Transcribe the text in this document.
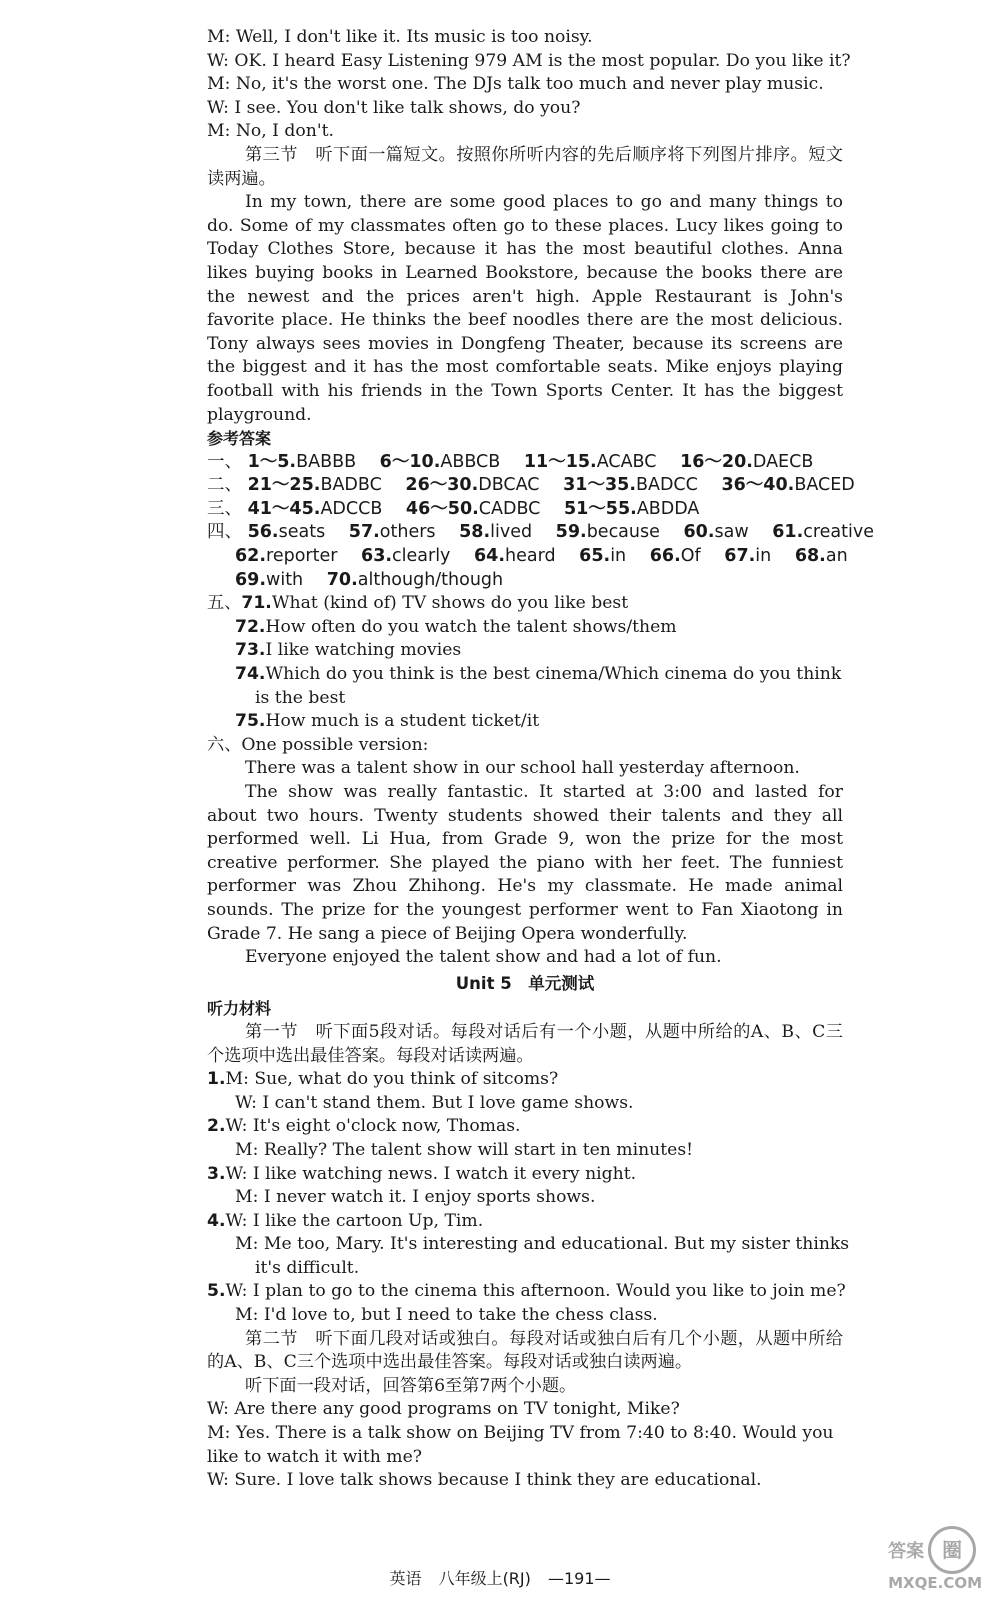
M: Well, I don't like it. Its music is too noisy.
W: OK. I heard Easy Listening 979 AM is the most popular. Do you like it?
M: No, it's the worst one. The DJs talk too much and never play music.
W: I see. You don't like talk shows, do you?
M: No, I don't.
第三节　听下面一篇短文。按照你所听内容的先后顺序将下列图片排序。短文读两遍。
In my town, there are some good places to go and many things to do. Some of my classmates often go to these places. Lucy likes going to Today Clothes Store, because it has the most beautiful clothes. Anna likes buying books in Learned Bookstore, because the books there are the newest and the prices aren't high. Apple Restaurant is John's favorite place. He thinks the beef noodles there are the most delicious. Tony always sees movies in Dongfeng Theater, because its screens are the biggest and it has the most comfortable seats. Mike enjoys playing football with his friends in the Town Sports Center. It has the biggest playground.
参考答案
一、 1～5.BABBB 6～10.ABBCB 11～15.ACABC 16～20.DAECB
二、 21～25.BADBC 26～30.DBCAC 31～35.BADCC 36～40.BACED
三、 41～45.ADCCB 46～50.CADBC 51～55.ABDDA
四、 56.seats 57.others 58.lived 59.because 60.saw 61.creative
62.reporter 63.clearly 64.heard 65.in 66.Of 67.in 68.an
69.with 70.although/though
五、71.What (kind of) TV shows do you like best
72.How often do you watch the talent shows/them
73.I like watching movies
74.Which do you think is the best cinema/Which cinema do you think
is the best
75.How much is a student ticket/it
六、One possible version:
There was a talent show in our school hall yesterday afternoon.
The show was really fantastic. It started at 3:00 and lasted for about two hours. Twenty students showed their talents and they all performed well. Li Hua, from Grade 9, won the prize for the most creative performer. She played the piano with her feet. The funniest performer was Zhou Zhihong. He's my classmate. He made animal sounds. The prize for the youngest performer went to Fan Xiaotong in Grade 7. He sang a piece of Beijing Opera wonderfully.
Everyone enjoyed the talent show and had a lot of fun.
Unit 5　单元测试
听力材料
第一节　听下面5段对话。每段对话后有一个小题，从题中所给的A、B、C三个选项中选出最佳答案。每段对话读两遍。
1.M: Sue, what do you think of sitcoms?
W: I can't stand them. But I love game shows.
2.W: It's eight o'clock now, Thomas.
M: Really? The talent show will start in ten minutes!
3.W: I like watching news. I watch it every night.
M: I never watch it. I enjoy sports shows.
4.W: I like the cartoon Up, Tim.
M: Me too, Mary. It's interesting and educational. But my sister thinks
it's difficult.
5.W: I plan to go to the cinema this afternoon. Would you like to join me?
M: I'd love to, but I need to take the chess class.
第二节　听下面几段对话或独白。每段对话或独白后有几个小题，从题中所给的A、B、C三个选项中选出最佳答案。每段对话或独白读两遍。
听下面一段对话，回答第6至第7两个小题。
W: Are there any good programs on TV tonight, Mike?
M: Yes. There is a talk show on Beijing TV from 7:40 to 8:40. Would you like to watch it with me?
W: Sure. I love talk shows because I think they are educational.
英语 八年级上(RJ) —191—
答案 圈
MXQE.COM
